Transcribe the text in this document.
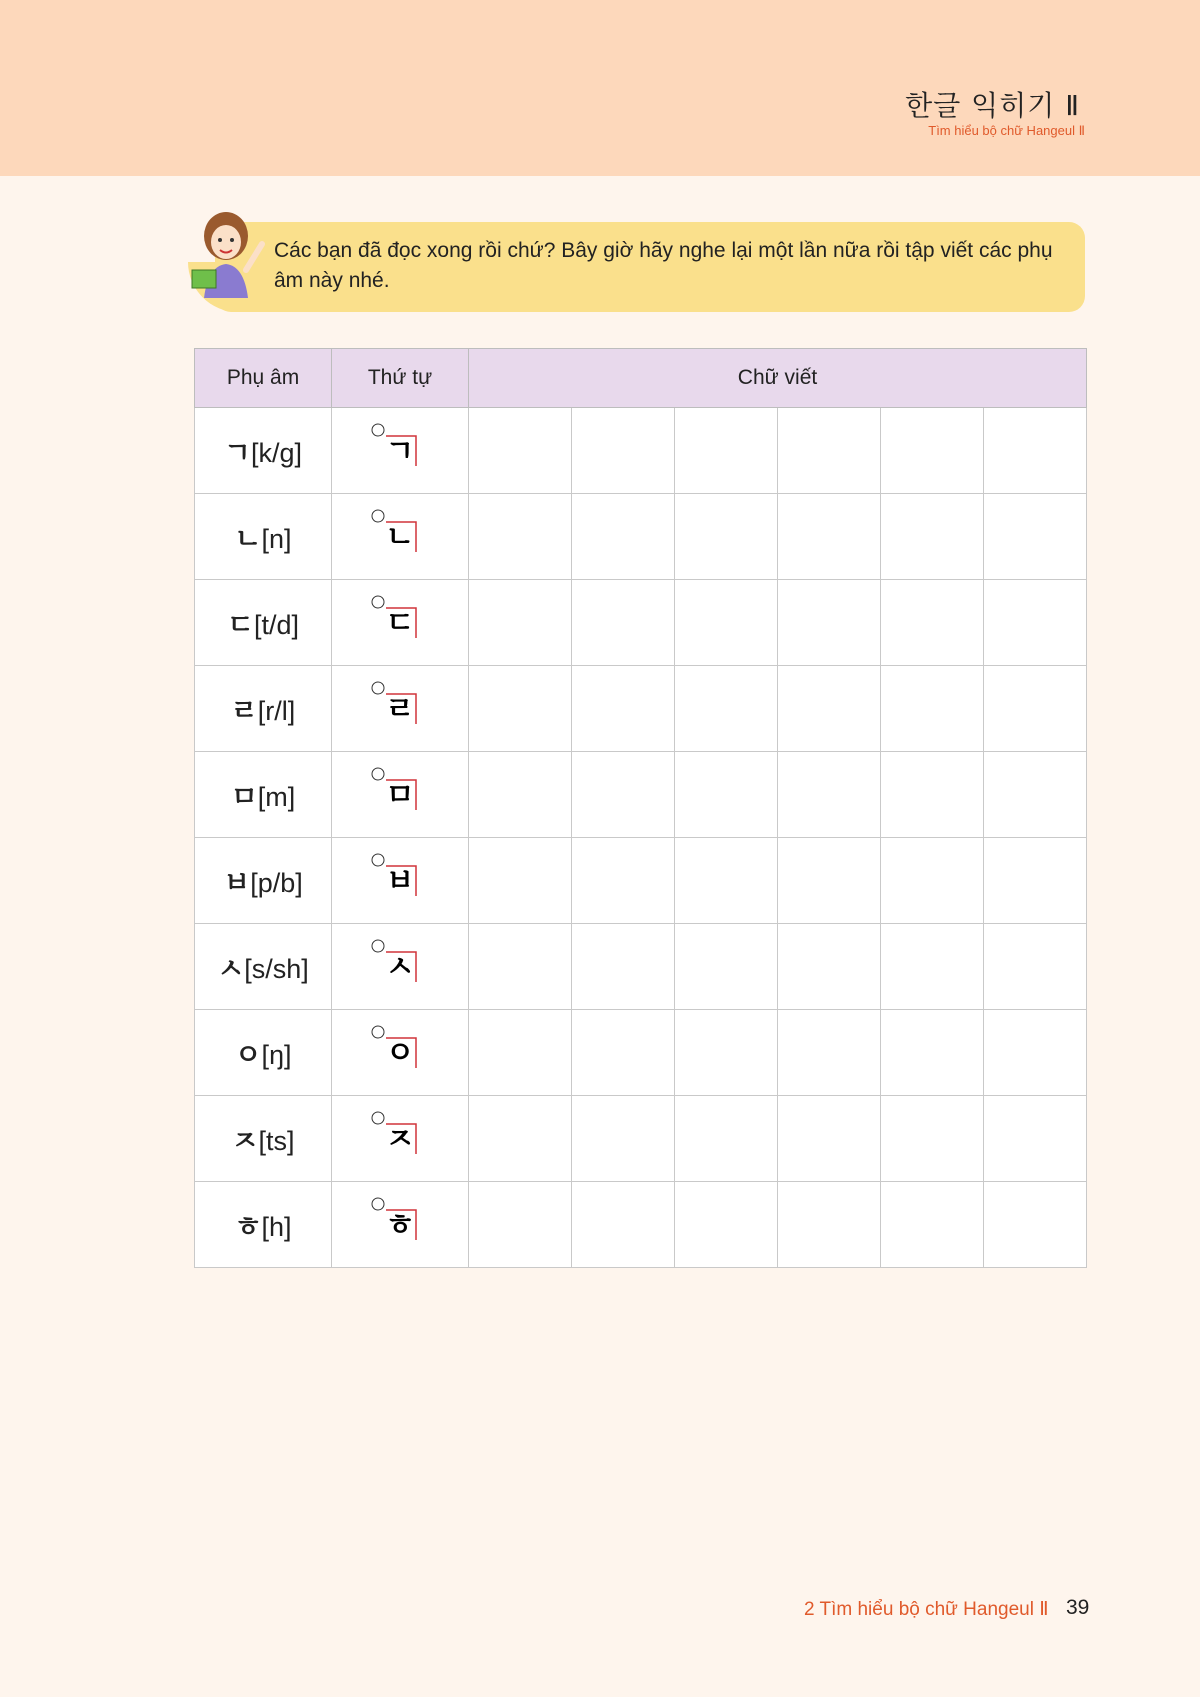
한글 익히기 Ⅱ
Tìm hiểu bộ chữ Hangeul Ⅱ
Các bạn đã đọc xong rồi chứ? Bây giờ hãy nghe lại một lần nữa rồi tập viết các phụ âm này nhé.
Phụ âm	Thứ tự	Chữ viết					
ㄱ[k/g]	ㄱ						

ㄴ[n]	ㄴ						

ㄷ[t/d]	ㄷ						

ㄹ[r/l]	ㄹ						

ㅁ[m]	ㅁ						

ㅂ[p/b]	ㅂ						

ㅅ[s/sh]	ㅅ						

ㅇ[ŋ]	ㅇ						

ㅈ[ts]	ㅈ						

ㅎ[h]	ㅎ						

2 Tìm hiểu bộ chữ Hangeul Ⅱ 39
